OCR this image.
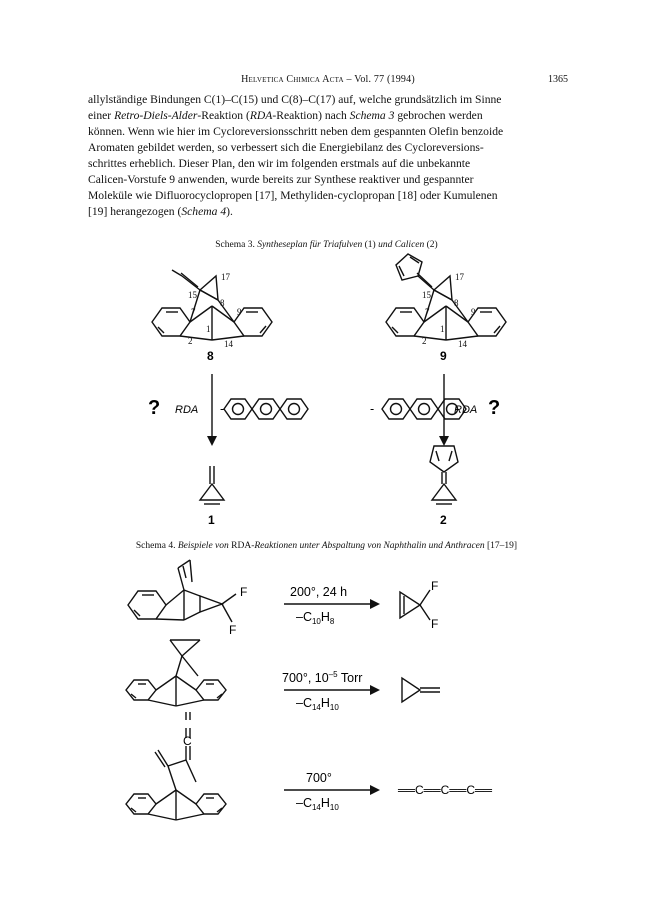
Helvetica Chimica Acta – Vol. 77 (1994)	1365
allylständige Bindungen C(1)–C(15) und C(8)–C(17) auf, welche grundsätzlich im Sinne
einer Retro-Diels-Alder-Reaktion (RDA-Reaktion) nach Schema 3 gebrochen werden
können. Wenn wie hier im Cycloreversionsschritt neben dem gespannten Olefin benzoide
Aromaten gebildet werden, so verbessert sich die Energiebilanz des Cycloreversions-
schrittes erheblich. Dieser Plan, den wir im folgenden erstmals auf die unbekannte
Calicen-Vorstufe 9 anwenden, wurde bereits zur Synthese reaktiver und gespannter
Moleküle wie Difluorocyclopropen [17], Methyliden-cyclopropan [18] oder Kumulenen
[19] herangezogen (Schema 4).
Schema 3. Syntheseplan für Triafulven (1) und Calicen (2)
17
15
8
7	9
2
1
14
17
15
8
7	9
2
1
14
8	9
1	2
? RDA -	-	RDA ?
F
F
F
F
C
200°, 24 h
$-C_{10}H_8$
700°, $10^{-5}$ Torr
$-C_{14}H_{10}$
700°
$-C_{14}H_{10}$
══C══C══C══
Schema 4. Beispiele von RDA-Reaktionen unter Abspaltung von Naphthalin und Anthracen [17–19]
